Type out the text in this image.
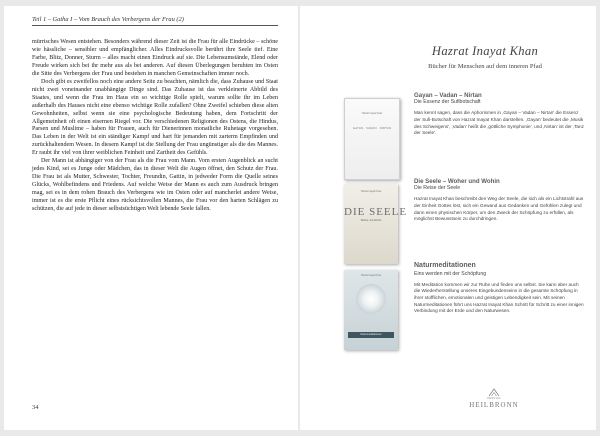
Teil 1 – Gatha I – Vom Brauch des Verbergens der Frau (2)

mürrisches Wesen entstehen. Besonders während dieser Zeit ist die Frau für alle Eindrücke – schöne wie hässliche – sensibler und empfänglicher. Alles Eindrucksvolle berührt ihre Seele tief. Eine Farbe, Blitz, Donner, Sturm – alles macht einen Eindruck auf sie. Die Lebensumstände, Elend oder Freude wirken sich bei ihr mehr aus als bei anderen. Auf diesen Überlegungen beruhten im Osten die Sitte des Verbergens der Frau und bestehen in manchen Gemeinschaften immer noch.

Doch gibt es zweifellos noch eine andere Seite zu beachten, nämlich die, dass Zuhause und Staat nicht zwei voneinander unabhängige Dinge sind. Das Zuhause ist das verkleinerte Abbild des Staates, und wenn die Frau im Haus ein so wichtige Rolle spielt, warum sollte ihr im Leben außerhalb des Hauses nicht eine ebenso wichtige Rolle zufallen? Ohne Zweifel schieben diese alten Gewohnheiten, selbst wenn sie eine psychologische Bedeutung haben, dem Fortschritt der Allgemeinheit oft einen eisernen Riegel vor. Die verschiedenen Religionen des Ostens, die Hindus, Parsen und Muslime – haben für Frauen, auch für Dienerinnen monatliche Ruhetage vorgesehen. Das Leben in der Welt ist ein ständiger Kampf und hart für jemanden mit zarterm Empfinden und zurückhaltendem Wesen. In diesem Kampf ist die Stellung der Frau ungünstiger als die des Mannes. Er raubt ihr viel von ihrer weiblichen Feinheit und Zartheit des Gefühls.

Der Mann ist abhängiger von der Frau als die Frau vom Mann. Vom ersten Augenblick an sucht jedes Kind, sei es Junge oder Mädchen, das in dieser Welt die Augen öffnet, den Schutz der Frau. Die Frau ist als Mutter, Schwester, Tochter, Freundin, Gattin, in jedweder Form die Quelle seines Glücks, Wohlbefindens und Friedens. Auf welche Weise der Mann es auch zum Ausdruck bringen mag, sei es in dem rohen Brauch des Verbergens wie im Osten oder auf mancherlei andere Weise, immer ist es die erste Pflicht eines rücksichtsvollen Mannes, die Frau vor den harten Schlägen zu schützen, die auf jede in dieser selbstsüchtigen Welt lebende Seele fallen.

34
Hazrat Inayat Khan
Bücher für Menschen auf dem inneren Pfad
Hazrat Inayat Khan
GAYAN · VADAN · NIRTAN
Gayan – Vadan – Nirtan
Die Essenz der Sufibotschaft
Man kennt sagen, dass die Aphorismen in ‚Gayan – Vadan – Nirtan' die Essenz der Sufi-Botschaft von Hazrat Inayat Khan darstellen. ‚Gayan' bedeutet die ‚Musik des Schweigens', ‚Vadan' heißt die ‚göttliche Symphonie', und ‚Nirtan' ist der ‚Tanz der Seele'.
Hazrat Inayat Khan
DIE SEELE
Woher und Wohin
Die Seele – Woher und Wohin
Die Reise der Seele
Hazrat Inayat Khan beschreibt den Weg der Seele, die sich als ein Lichtstrahl aus der Einheit Gottes löst, sich ein Gewand aus Gedanken und Gefühlen zulegt und dann einen physischen Körper, um den Zweck der Schöpfung zu erfüllen, als möglichst Bewusstsein zu durchdringen.
Hazrat Inayat Khan
Naturmeditationen
Naturmeditationen
Eins werden mit der Schöpfung
Mit Meditation kommen wir zur Ruhe und finden uns selbst. Sie kann aber auch die Wiederherstellung unseres Eingebundenseins in die gesamte Schöpfung in ihrer stofflichen, emotionalen und geistigen Lebendigkeit sein. Mit seinen Naturmeditationen führt uns Hazrat Inayat Khan Schritt für Schritt zu einer innigen Verbindung mit der Erde und den Naturwesen.
VERLAG
HEILBRONN
